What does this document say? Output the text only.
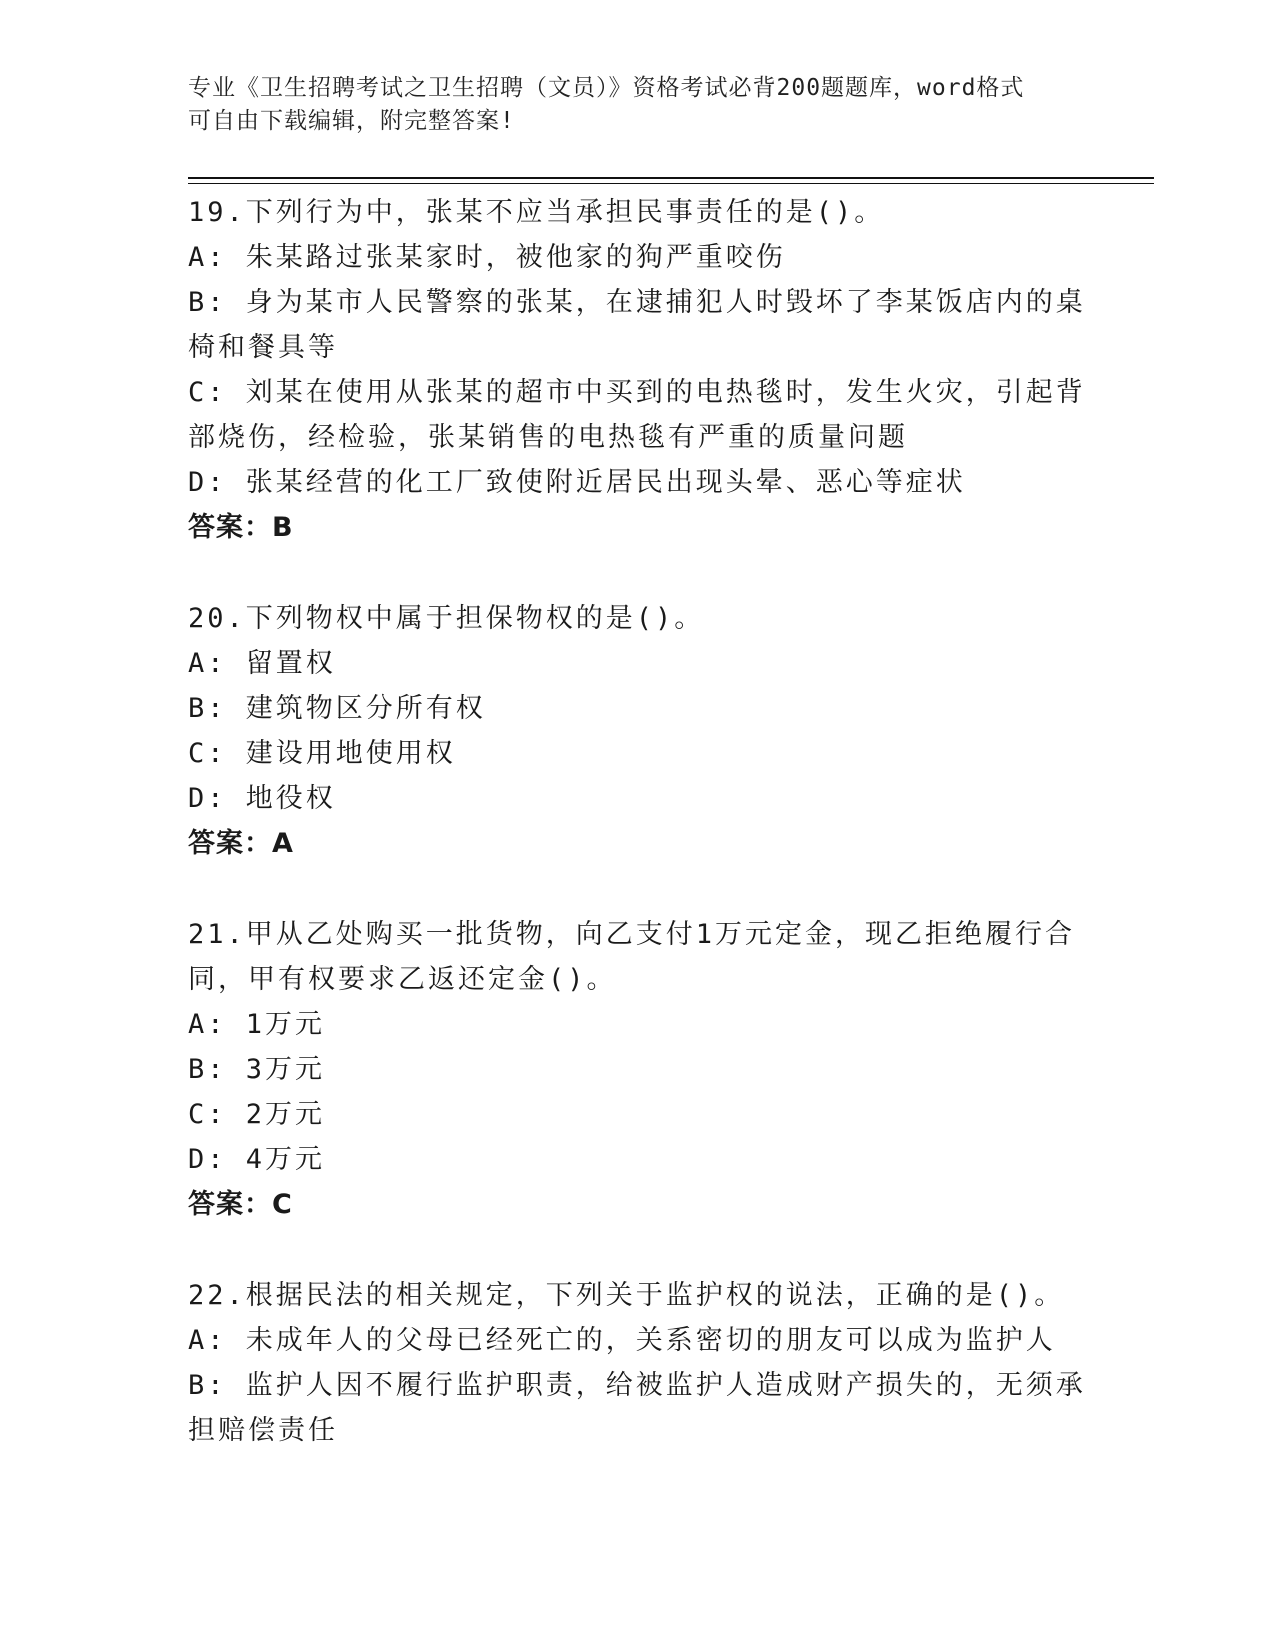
专业《卫生招聘考试之卫生招聘（文员）》资格考试必背200题题库，word格式
可自由下载编辑，附完整答案!
19.下列行为中，张某不应当承担民事责任的是()。
A: 朱某路过张某家时，被他家的狗严重咬伤
B: 身为某市人民警察的张某，在逮捕犯人时毁坏了李某饭店内的桌椅和餐具等
C: 刘某在使用从张某的超市中买到的电热毯时，发生火灾，引起背部烧伤，经检验，张某销售的电热毯有严重的质量问题
D: 张某经营的化工厂致使附近居民出现头晕、恶心等症状
答案：B
20.下列物权中属于担保物权的是()。
A: 留置权
B: 建筑物区分所有权
C: 建设用地使用权
D: 地役权
答案：A
21.甲从乙处购买一批货物，向乙支付1万元定金，现乙拒绝履行合同，甲有权要求乙返还定金()。
A: 1万元
B: 3万元
C: 2万元
D: 4万元
答案：C
22.根据民法的相关规定，下列关于监护权的说法，正确的是()。
A: 未成年人的父母已经死亡的，关系密切的朋友可以成为监护人
B: 监护人因不履行监护职责，给被监护人造成财产损失的，无须承担赔偿责任
